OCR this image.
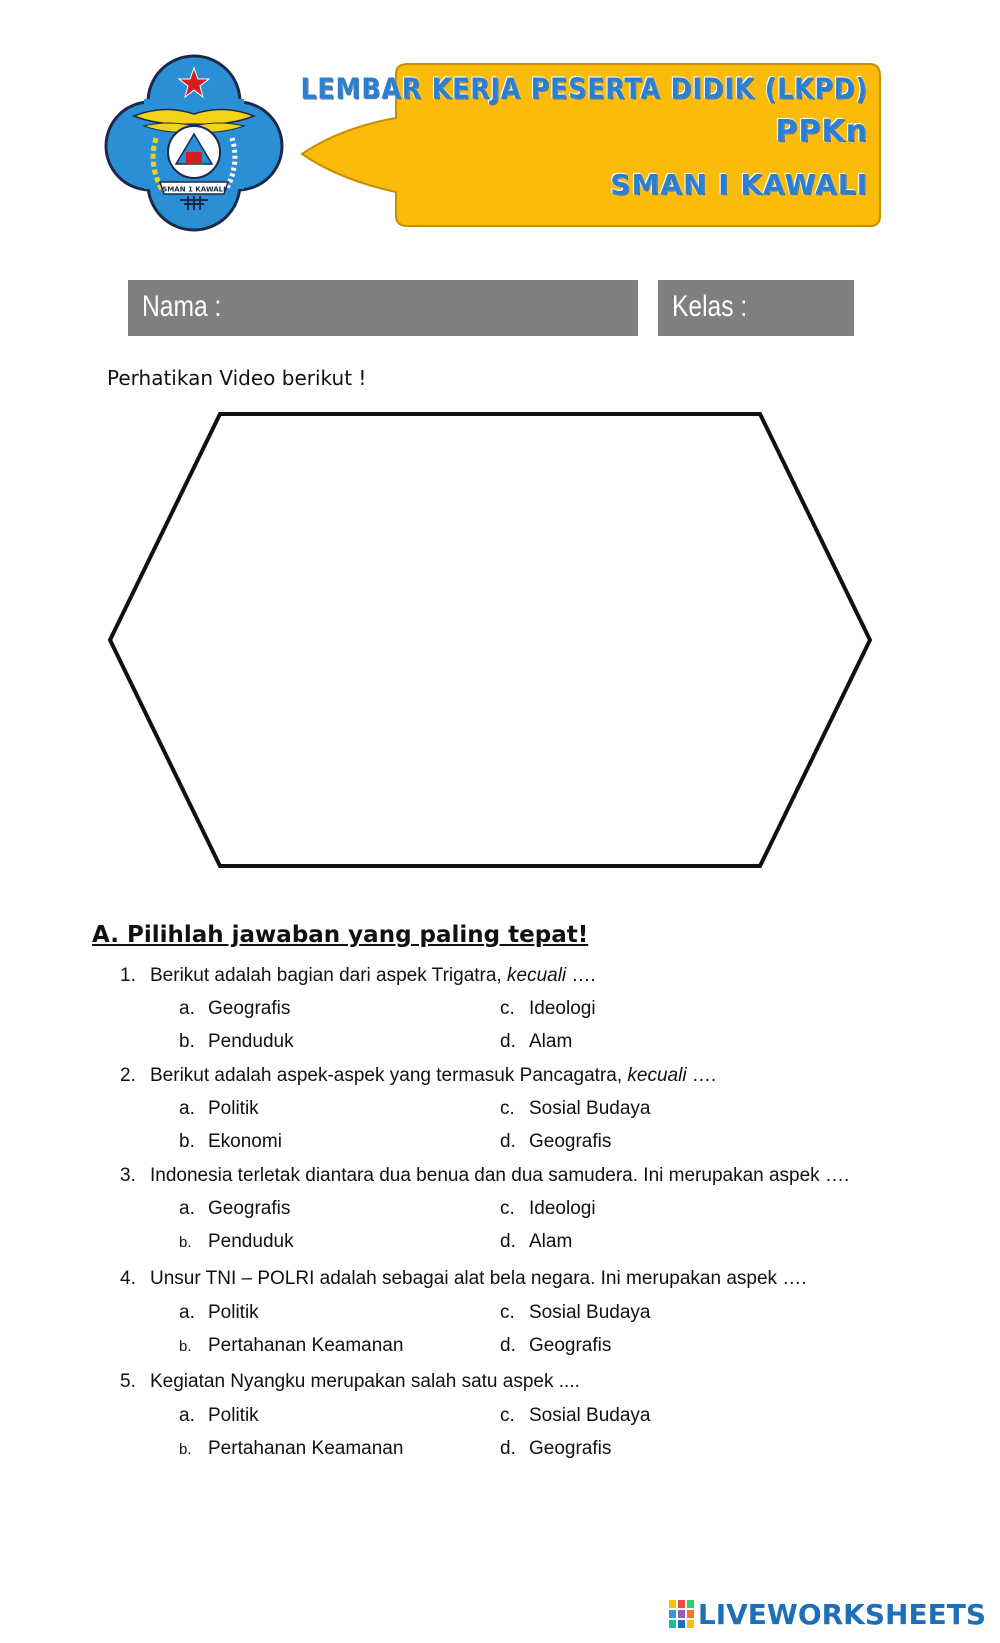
SMAN 1 KAWALI
LEMBAR KERJA PESERTA DIDIK (LKPD)
PPKn
SMAN I KAWALI
Nama :	Kelas :
Perhatikan Video berikut !
A. Pilihlah jawaban yang paling tepat!
1. Berikut adalah bagian dari aspek Trigatra, kecuali ….
a. Geografis
b. Penduduk
c. Ideologi
d. Alam
2. Berikut adalah aspek-aspek yang termasuk Pancagatra, kecuali ….
a. Politik
b. Ekonomi
c. Sosial Budaya
d. Geografis
3. Indonesia terletak diantara dua benua dan dua samudera. Ini merupakan aspek ….
a. Geografis
b. Penduduk
c. Ideologi
d. Alam
4. Unsur TNI – POLRI adalah sebagai alat bela negara. Ini merupakan aspek ….
a. Politik
b. Pertahanan Keamanan
c. Sosial Budaya
d. Geografis
5. Kegiatan Nyangku merupakan salah satu aspek ....
a. Politik
b. Pertahanan Keamanan
c. Sosial Budaya
d. Geografis
LIVEWORKSHEETS
